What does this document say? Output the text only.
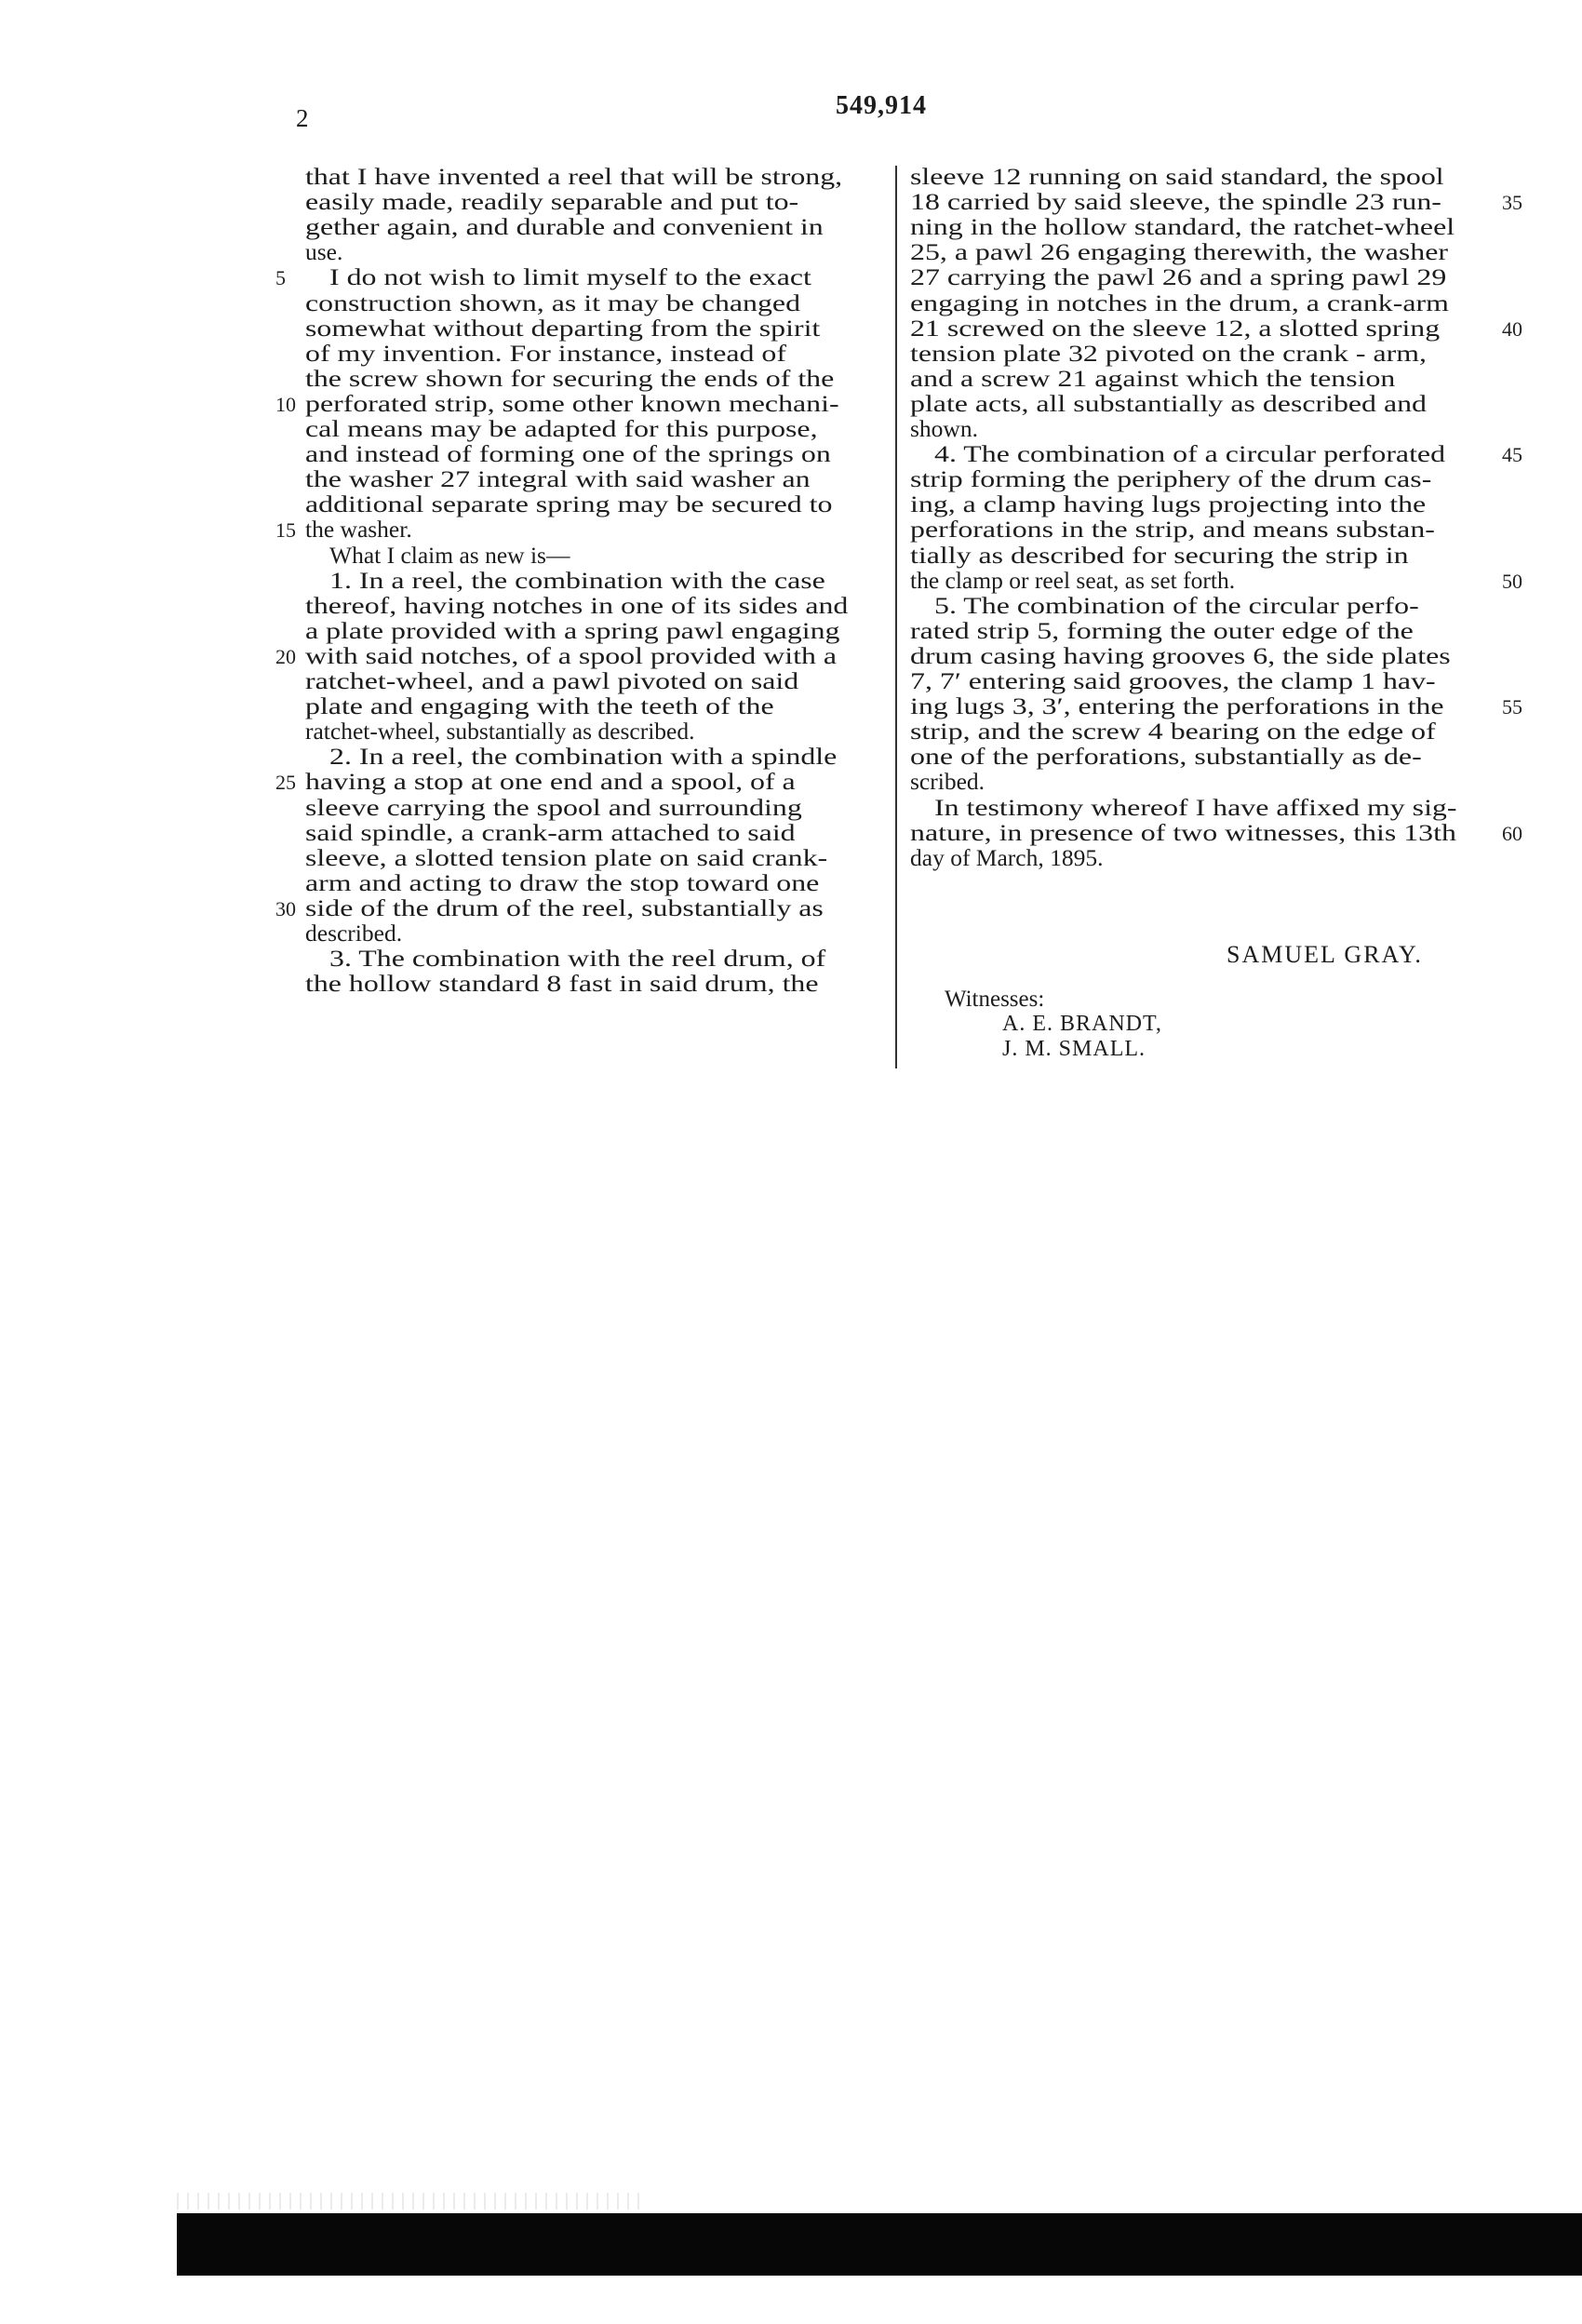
2	549,914
that I have invented a reel that will be strong,
easily made, readily separable and put to-
gether again, and durable and convenient in
use.
I do not wish to limit myself to the exact
construction shown, as it may be changed
somewhat without departing from the spirit
of my invention. For instance, instead of
the screw shown for securing the ends of the
perforated strip, some other known mechani-
cal means may be adapted for this purpose,
and instead of forming one of the springs on
the washer 27 integral with said washer an
additional separate spring may be secured to
the washer.
What I claim as new is—
1. In a reel, the combination with the case
thereof, having notches in one of its sides and
a plate provided with a spring pawl engaging
with said notches, of a spool provided with a
ratchet-wheel, and a pawl pivoted on said
plate and engaging with the teeth of the
ratchet-wheel, substantially as described.
2. In a reel, the combination with a spindle
having a stop at one end and a spool, of a
sleeve carrying the spool and surrounding
said spindle, a crank-arm attached to said
sleeve, a slotted tension plate on said crank-
arm and acting to draw the stop toward one
side of the drum of the reel, substantially as
described.
3. The combination with the reel drum, of
the hollow standard 8 fast in said drum, the
sleeve 12 running on said standard, the spool
18 carried by said sleeve, the spindle 23 run-
ning in the hollow standard, the ratchet-wheel
25, a pawl 26 engaging therewith, the washer
27 carrying the pawl 26 and a spring pawl 29
engaging in notches in the drum, a crank-arm
21 screwed on the sleeve 12, a slotted spring
tension plate 32 pivoted on the crank - arm,
and a screw 21 against which the tension
plate acts, all substantially as described and
shown.
4. The combination of a circular perforated
strip forming the periphery of the drum cas-
ing, a clamp having lugs projecting into the
perforations in the strip, and means substan-
tially as described for securing the strip in
the clamp or reel seat, as set forth.
5. The combination of the circular perfo-
rated strip 5, forming the outer edge of the
drum casing having grooves 6, the side plates
7, 7′ entering said grooves, the clamp 1 hav-
ing lugs 3, 3′, entering the perforations in the
strip, and the screw 4 bearing on the edge of
one of the perforations, substantially as de-
scribed.
In testimony whereof I have affixed my sig-
nature, in presence of two witnesses, this 13th
day of March, 1895.
5
10
15
20
25
30
35
40
45
50
55
60
SAMUEL GRAY.
Witnesses:
A. E. BRANDT,
J. M. SMALL.
